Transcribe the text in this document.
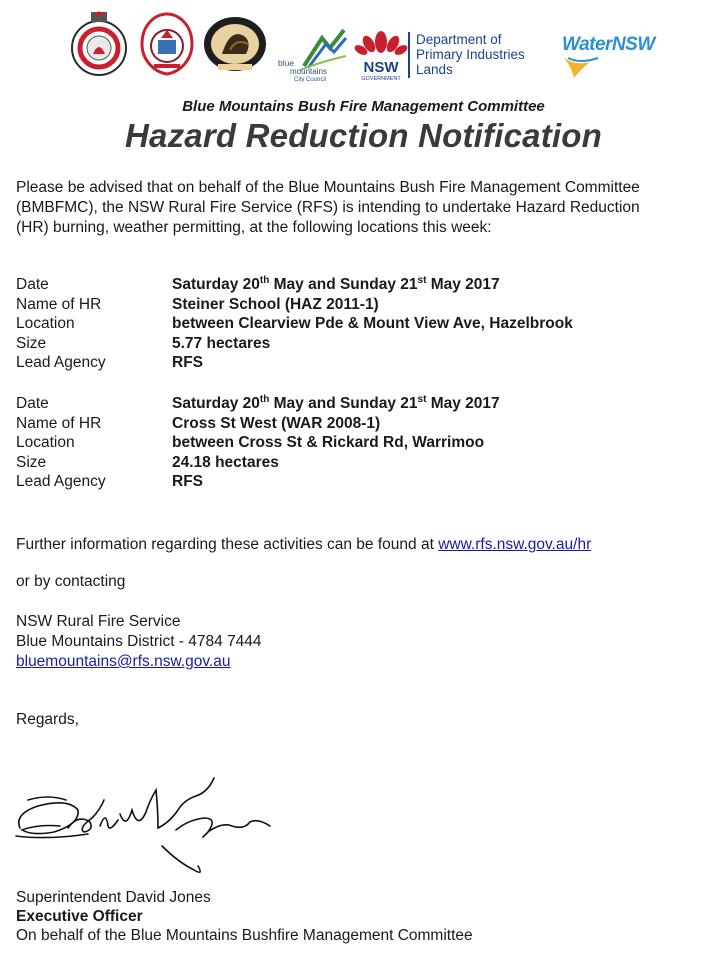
blue
mountains
City Council
NSW
GOVERNMENT
Department of
Primary Industries
Lands
WaterNSW
Blue Mountains Bush Fire Management Committee
Hazard Reduction Notification
Please be advised that on behalf of the Blue Mountains Bush Fire Management Committee
(BMBFMC), the NSW Rural Fire Service (RFS) is intending to undertake Hazard Reduction
(HR) burning, weather permitting, at the following locations this week:
Date	Saturday 20th May and Sunday 21st May 2017
Name of HR	Steiner School (HAZ 2011-1)
Location	between Clearview Pde & Mount View Ave, Hazelbrook
Size	5.77 hectares
Lead Agency	RFS
Date	Saturday 20th May and Sunday 21st May 2017
Name of HR	Cross St West (WAR 2008-1)
Location	between Cross St & Rickard Rd, Warrimoo
Size	24.18 hectares
Lead Agency	RFS
Further information regarding these activities can be found at www.rfs.nsw.gov.au/hr
or by contacting
NSW Rural Fire Service
Blue Mountains District - 4784 7444
bluemountains@rfs.nsw.gov.au
Regards,
Superintendent David Jones
Executive Officer
On behalf of the Blue Mountains Bushfire Management Committee
